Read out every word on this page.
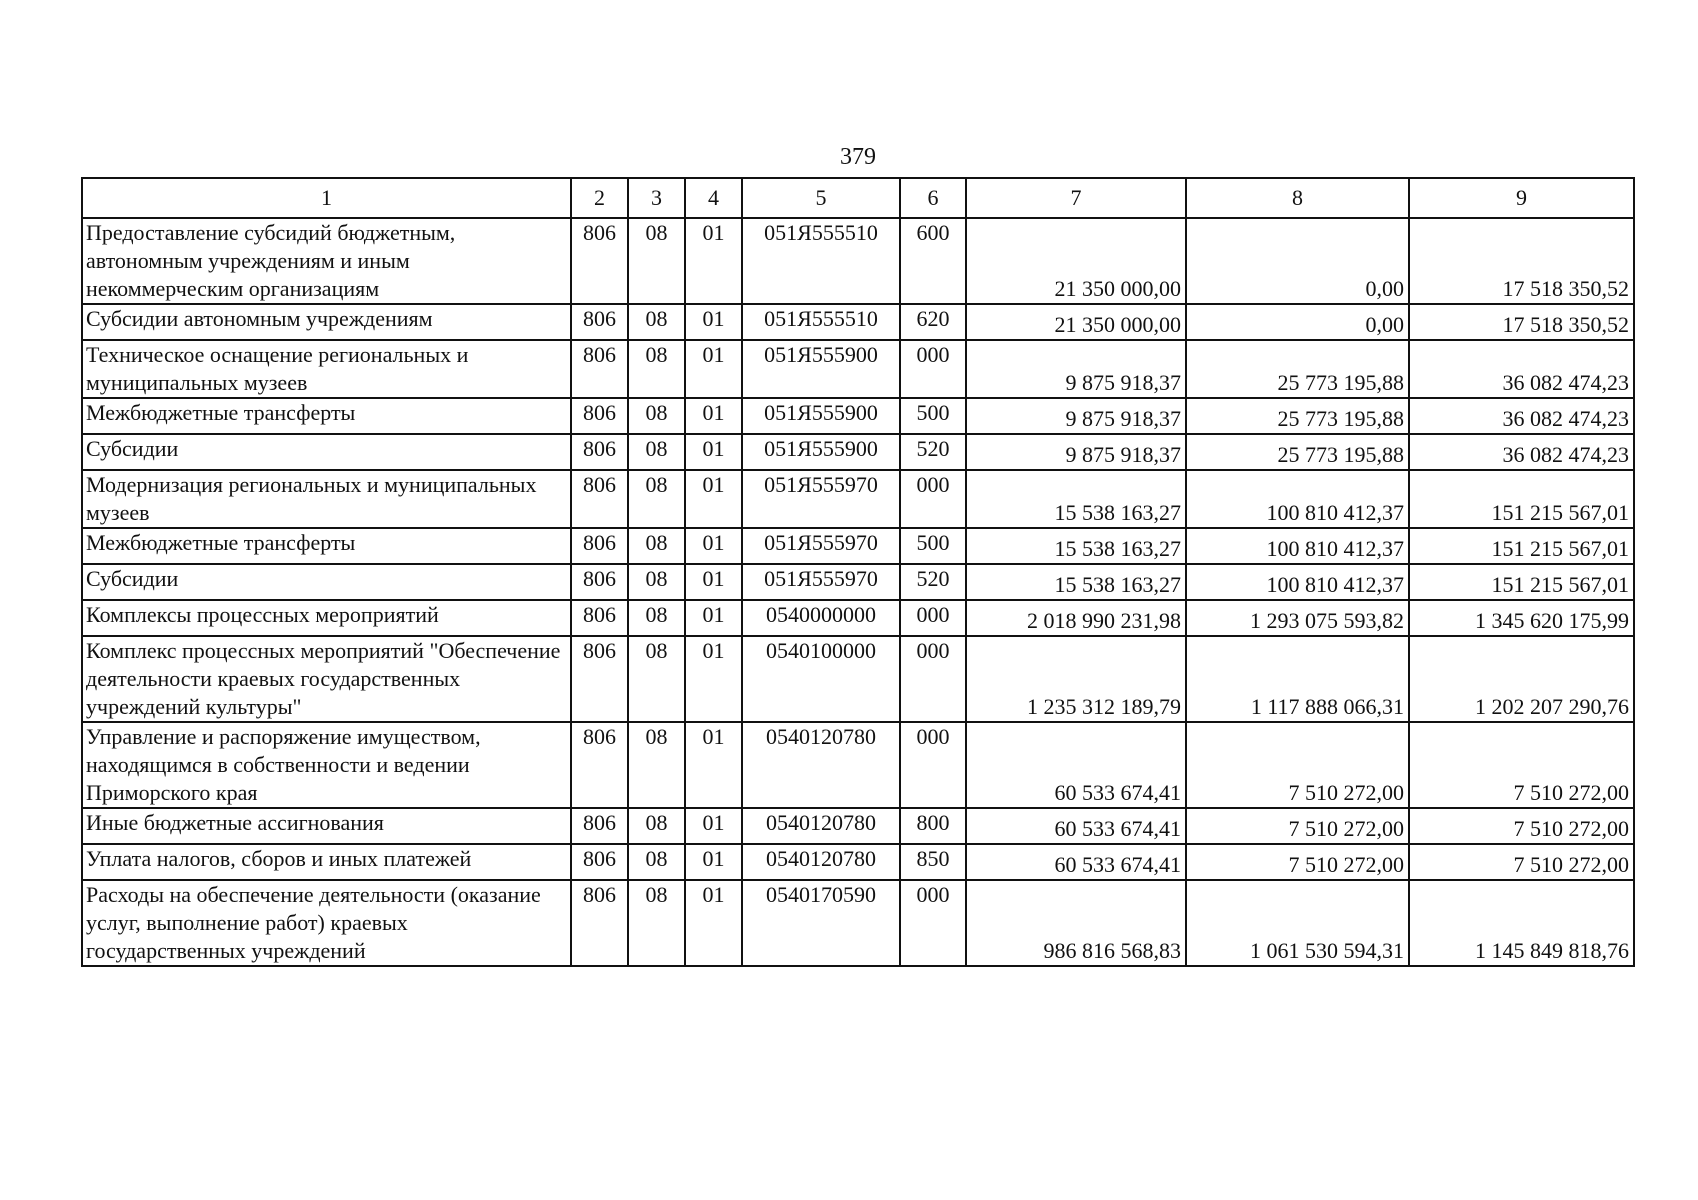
379
1	2	3	4	5	6	7	8	9
Предоставление субсидий бюджетным, автономным учреждениям и иным некоммерческим организациям	806	08	01	051Я555510	600	21 350 000,00	0,00	17 518 350,52
Субсидии автономным учреждениям	806	08	01	051Я555510	620	21 350 000,00	0,00	17 518 350,52
Техническое оснащение региональных и муниципальных музеев	806	08	01	051Я555900	000	9 875 918,37	25 773 195,88	36 082 474,23
Межбюджетные трансферты	806	08	01	051Я555900	500	9 875 918,37	25 773 195,88	36 082 474,23
Субсидии	806	08	01	051Я555900	520	9 875 918,37	25 773 195,88	36 082 474,23
Модернизация региональных и муниципальных музеев	806	08	01	051Я555970	000	15 538 163,27	100 810 412,37	151 215 567,01
Межбюджетные трансферты	806	08	01	051Я555970	500	15 538 163,27	100 810 412,37	151 215 567,01
Субсидии	806	08	01	051Я555970	520	15 538 163,27	100 810 412,37	151 215 567,01
Комплексы процессных мероприятий	806	08	01	0540000000	000	2 018 990 231,98	1 293 075 593,82	1 345 620 175,99
Комплекс процессных мероприятий "Обеспечение деятельности краевых государственных учреждений культуры"	806	08	01	0540100000	000	1 235 312 189,79	1 117 888 066,31	1 202 207 290,76
Управление и распоряжение имуществом, находящимся в собственности и ведении Приморского края	806	08	01	0540120780	000	60 533 674,41	7 510 272,00	7 510 272,00
Иные бюджетные ассигнования	806	08	01	0540120780	800	60 533 674,41	7 510 272,00	7 510 272,00
Уплата налогов, сборов и иных платежей	806	08	01	0540120780	850	60 533 674,41	7 510 272,00	7 510 272,00
Расходы на обеспечение деятельности (оказание услуг, выполнение работ) краевых государственных учреждений	806	08	01	0540170590	000	986 816 568,83	1 061 530 594,31	1 145 849 818,76
